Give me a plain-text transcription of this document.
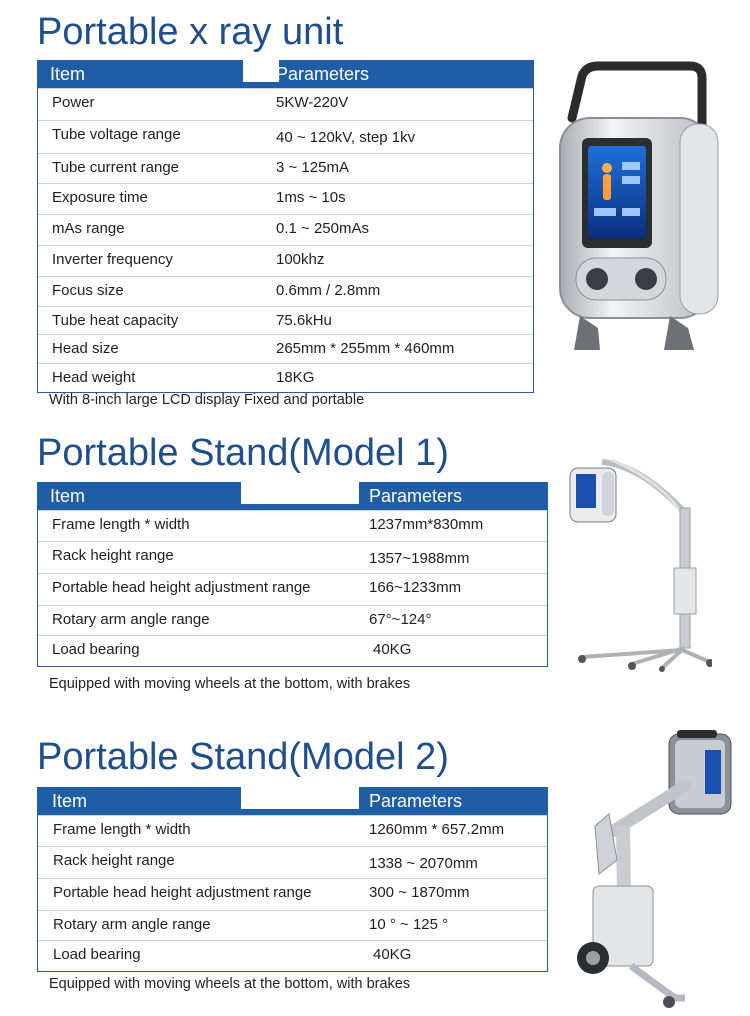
Portable x ray unit
Item	Parameters
Power	5KW-220V
Tube voltage range	40 ~ 120kV, step 1kv
Tube current range	3 ~ 125mA
Exposure time	1ms ~ 10s
mAs range	0.1 ~ 250mAs
Inverter frequency	100khz
Focus size	0.6mm / 2.8mm
Tube heat capacity	75.6kHu
Head size	265mm * 255mm * 460mm
Head weight	18KG
With 8-inch large LCD display Fixed and portable
Portable Stand(Model 1)
Item	Parameters
Frame length * width	1237mm*830mm
Rack height range	1357~1988mm
Portable head height adjustment range	166~1233mm
Rotary arm angle range	67°~124°
Load bearing	40KG
Equipped with moving wheels at the bottom, with brakes
Portable Stand(Model 2)
Item	Parameters
Frame length * width	1260mm * 657.2mm
Rack height range	1338 ~ 2070mm
Portable head height adjustment range	300 ~ 1870mm
Rotary arm angle range	10 ° ~ 125 °
Load bearing	40KG
Equipped with moving wheels at the bottom, with brakes
